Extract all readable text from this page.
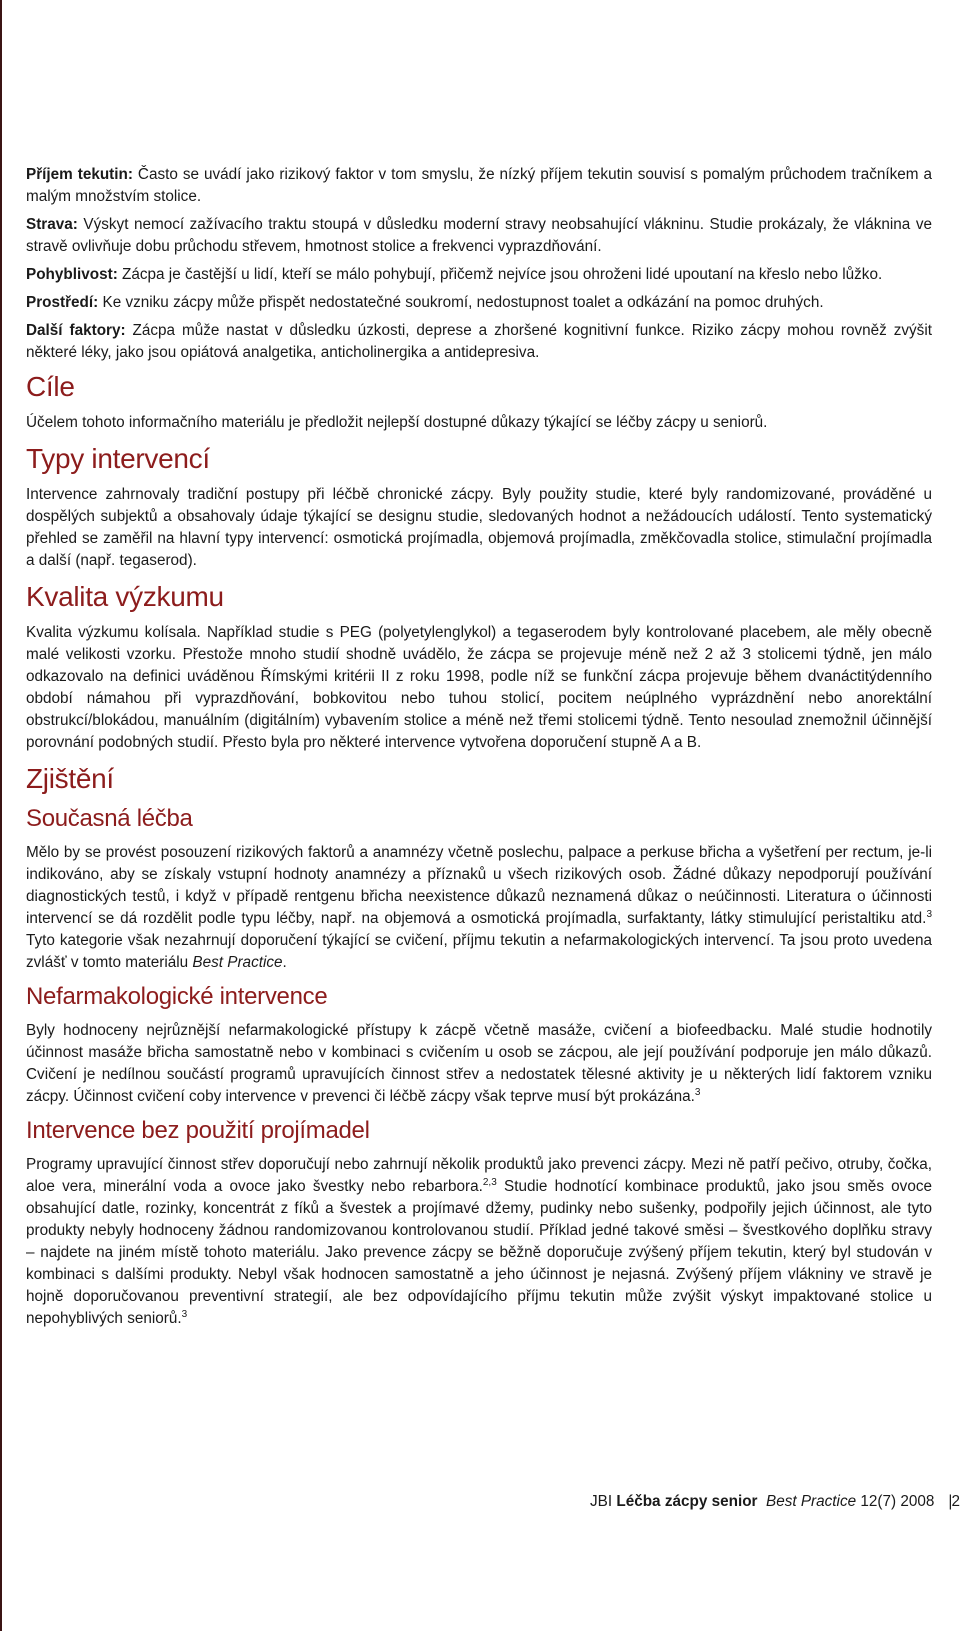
Příjem tekutin: Často se uvádí jako rizikový faktor v tom smyslu, že nízký příjem tekutin souvisí s pomalým průchodem tračníkem a malým množstvím stolice.

Strava: Výskyt nemocí zažívacího traktu stoupá v důsledku moderní stravy neobsahující vlákninu. Studie prokázaly, že vláknina ve stravě ovlivňuje dobu průchodu střevem, hmotnost stolice a frekvenci vyprazdňování.

Pohyblivost: Zácpa je častější u lidí, kteří se málo pohybují, přičemž nejvíce jsou ohroženi lidé upoutaní na křeslo nebo lůžko.

Prostředí: Ke vzniku zácpy může přispět nedostatečné soukromí, nedostupnost toalet a odkázání na pomoc druhých.

Další faktory: Zácpa může nastat v důsledku úzkosti, deprese a zhoršené kognitivní funkce. Riziko zácpy mohou rovněž zvýšit některé léky, jako jsou opiátová analgetika, anticholinergika a antidepresiva.

Cíle

Účelem tohoto informačního materiálu je předložit nejlepší dostupné důkazy týkající se léčby zácpy u seniorů.

Typy intervencí

Intervence zahrnovaly tradiční postupy při léčbě chronické zácpy. Byly použity studie, které byly randomizované, prováděné u dospělých subjektů a obsahovaly údaje týkající se designu studie, sledovaných hodnot a nežádoucích událostí. Tento systematický přehled se zaměřil na hlavní typy intervencí: osmotická projímadla, objemová projímadla, změkčovadla stolice, stimulační projímadla a další (např. tegaserod).

Kvalita výzkumu

Kvalita výzkumu kolísala. Například studie s PEG (polyetylenglykol) a tegaserodem byly kontrolované placebem, ale měly obecně malé velikosti vzorku. Přestože mnoho studií shodně uvádělo, že zácpa se projevuje méně než 2 až 3 stolicemi týdně, jen málo odkazovalo na definici uváděnou Římskými kritérii II z roku 1998, podle níž se funkční zácpa projevuje během dvanáctitýdenního období námahou při vyprazdňování, bobkovitou nebo tuhou stolicí, pocitem neúplného vyprázdnění nebo anorektální obstrukcí/blokádou, manuálním (digitálním) vybavením stolice a méně než třemi stolicemi týdně. Tento nesoulad znemožnil účinnější porovnání podobných studií. Přesto byla pro některé intervence vytvořena doporučení stupně A a B.

Zjištění
Současná léčba

Mělo by se provést posouzení rizikových faktorů a anamnézy včetně poslechu, palpace a perkuse břicha a vyšetření per rectum, je-li indikováno, aby se získaly vstupní hodnoty anamnézy a příznaků u všech rizikových osob. Žádné důkazy nepodporují používání diagnostických testů, i když v případě rentgenu břicha neexistence důkazů neznamená důkaz o neúčinnosti. Literatura o účinnosti intervencí se dá rozdělit podle typu léčby, např. na objemová a osmotická projímadla, surfaktanty, látky stimulující peristaltiku atd.$^3$ Tyto kategorie však nezahrnují doporučení týkající se cvičení, příjmu tekutin a nefarmakologických intervencí. Ta jsou proto uvedena zvlášť v tomto materiálu Best Practice.

Nefarmakologické intervence

Byly hodnoceny nejrůznější nefarmakologické přístupy k zácpě včetně masáže, cvičení a biofeedbacku. Malé studie hodnotily účinnost masáže břicha samostatně nebo v kombinaci s cvičením u osob se zácpou, ale její používání podporuje jen málo důkazů. Cvičení je nedílnou součástí programů upravujících činnost střev a nedostatek tělesné aktivity je u některých lidí faktorem vzniku zácpy. Účinnost cvičení coby intervence v prevenci či léčbě zácpy však teprve musí být prokázána.$^3$

Intervence bez použití projímadel

Programy upravující činnost střev doporučují nebo zahrnují několik produktů jako prevenci zácpy. Mezi ně patří pečivo, otruby, čočka, aloe vera, minerální voda a ovoce jako švestky nebo rebarbora.$^{2,3}$ Studie hodnotící kombinace produktů, jako jsou směs ovoce obsahující datle, rozinky, koncentrát z fíků a švestek a projímavé džemy, pudinky nebo sušenky, podpořily jejich účinnost, ale tyto produkty nebyly hodnoceny žádnou randomizovanou kontrolovanou studií. Příklad jedné takové směsi – švestkového doplňku stravy – najdete na jiném místě tohoto materiálu. Jako prevence zácpy se běžně doporučuje zvýšený příjem tekutin, který byl studován v kombinaci s dalšími produkty. Nebyl však hodnocen samostatně a jeho účinnost je nejasná. Zvýšený příjem vlákniny ve stravě je hojně doporučovanou preventivní strategií, ale bez odpovídajícího příjmu tekutin může zvýšit výskyt impaktované stolice u nepohyblivých seniorů.$^3$

JBI Léčba zácpy senior Best Practice 12(7) 2008 | 2
